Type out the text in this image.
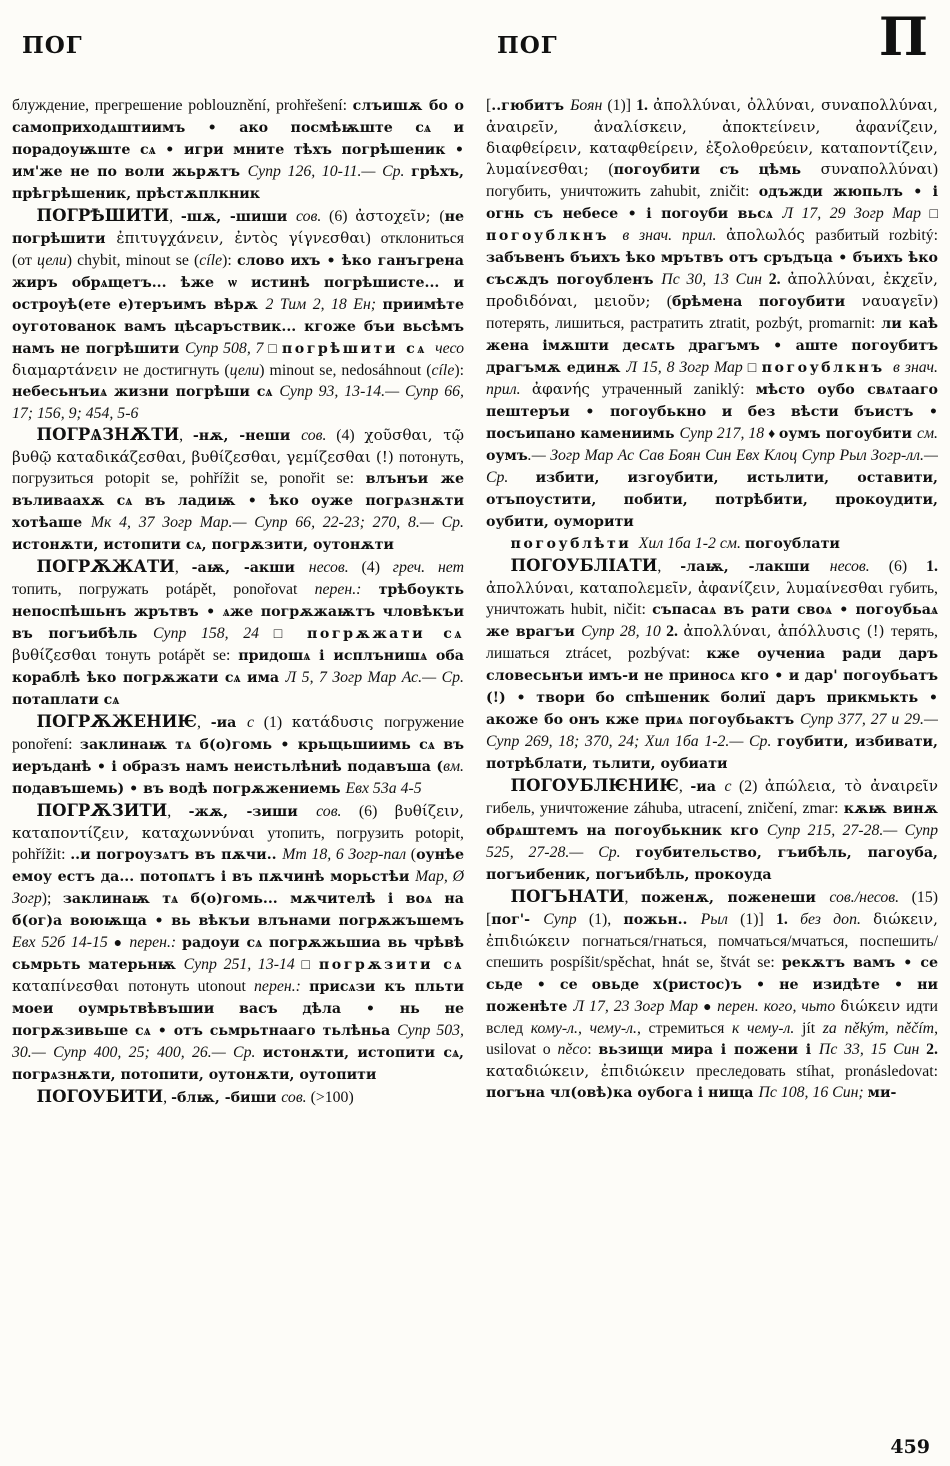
ПОГ	ПОГ	П

блуждение, прегрешение poblouznění, prohřešení: слъишѫ бо о самоприходѧштиимъ • ако посмѣѭште сѧ и порадоуѭште сѧ • игри мните тѣхъ погрѣшеник • им'же не по воли жьрѫтъ Супр 126, 10-11.— Ср. грѣхъ, прѣгрѣшеник, прѣстѫплкник

ПОГРѢШИТИ, -шѫ, -шиши сов. (6) ἀστοχεῖν; (не погрѣшити ἐπιτυγχάνειν, ἐντὸς γίγνεσθαι) отклониться (от цели) chybit, minout se (cíle): слово ихъ • ѣко ганъгрена жиръ обрѧщетъ... ѣже ѡ истинѣ погрѣшисте... и остроуѣ(ете е)теръимъ вѣрѫ 2 Тим 2, 18 Ен; приимѣте оуготованок вамъ цѣсаръствик... кгоже бъи вьсѣмъ намъ не погрѣшити Супр 508, 7 □ погрѣшити сѧ чесо διαμαρτάνειν не достигнуть (цели) minout se, nedosáhnout (cíle): небесьнъиѧ жизни погрѣши сѧ Супр 93, 13-14.— Супр 66, 17; 156, 9; 454, 5-6

ПОГРѦЗНѪТИ, -нѫ, -неши сов. (4) χοῦσθαι, τῷ βυθῷ καταδικάζεσθαι, βυθίζεσθαι, γεμίζεσθαι (!) потонуть, погрузиться potopit se, pohřížit se, ponořit se: влънъи же въливаахѫ сѧ въ ладиѭ • ѣко оуже погрѧзнѫти хотѣаше Мк 4, 37 Зогр Мар.— Супр 66, 22-23; 270, 8.— Ср. истонѫти, истопити сѧ, погрѫзити, оутонѫти

ПОГРѪЖАТИ, -аѭ, -акши несов. (4) греч. нет топить, погружать potápět, ponořovat перен.: трѣбоукть непоспѣшьнъ жрътвъ • ѧже погрѫжаѭтъ чловѣкъи въ погъибѣль Супр 158, 24 □ погрѫжати сѧ βυθίζεσθαι тонуть potápět se: придошѧ і исплънишѧ оба кораблѣ ѣко погрѫжати сѧ има Л 5, 7 Зогр Мар Ас.— Ср. потаплати сѧ

ПОГРѪЖЕНИѤ, -иа с (1) κατάδυσις погружение ponoření: заклинаѭ тѧ б(о)гомь • крьщьшиимь сѧ въ иеръданѣ • і образъ намъ неистьлѣниѣ подавъша (вм. подавъшемь) • въ водѣ погрѫжениемь Евх 53а 4-5

ПОГРѪЗИТИ, -жѫ, -зиши сов. (6) βυθίζειν, καταποντίζειν, καταχωννύναι утопить, погрузить potopit, pohřížit: ..и погроузѧтъ въ пѫчи.. Мт 18, 6 Зогр-пал (оунѣе емоу естъ да... потопѧтъ і въ пѫчинѣ морьстѣи Мар, Ø Зогр); заклинаѭ тѧ б(о)гомь... мѫчителѣ і воѧ на б(ог)а воюѭща • вь вѣкъи влънами погрѫжъшемъ Евх 52б 14-15 ● перен.: радоуи сѧ погрѫжьшиа вь чрѣвѣ сьмрьть матерьнѭ Супр 251, 13-14 □ погрѫзити сѧ καταπίνεσθαι потонуть utonout перен.: присѧзи къ пльти моеи оумрьтвѣвъшии васъ дѣла • нь не погрѫзивьше сѧ • отъ сьмрьтнааго тьлѣньа Супр 503, 30.— Супр 400, 25; 400, 26.— Ср. истонѫти, истопити сѧ, погрѧзнѫти, потопити, оутонѫти, оутопити

ПОГОУБИТИ, -блѭ, -биши сов. (>100)

[..гюбитъ Боян (1)] 1. ἀπολλύναι, ὀλλύναι, συναπολλύναι, ἀναιρεῖν, ἀναλίσκειν, ἀποκτείνειν, ἀφανίζειν, διαφθείρειν, καταφθείρειν, ἐξολοθρεύειν, καταποντίζειν, λυμαίνεσθαι; (погоубити съ цѣмь συναπολλύναι) погубить, уничтожить zahubit, zničit: одъжди жюпьлъ • і огнь съ небесе • і погоуби вьсѧ Л 17, 29 Зогр Мар □ погоублкнъ в знач. прил. ἀπολωλός разбитый rozbitý: забъвенъ бъихъ ѣко мрътвъ отъ сръдъца • бъихъ ѣко съсѫдъ погоубленъ Пс 30, 13 Син 2. ἀπολλύναι, ἐκχεῖν, προδιδόναι, μειοῦν; (брѣмена погоубити ναυαγεῖν) потерять, лишиться, растратить ztratit, pozbýt, promarnit: ли каѣ жена імѫшти десѧть драгъмъ • аште погоубитъ драгъмѫ единѫ Л 15, 8 Зогр Мар □ погоублкнъ в знач. прил. ἀφανής утраченный zaniklý: мѣсто оубо свѧтааго пештеръи • погоубькно и без вѣсти бъистъ • посъипано камениимь Супр 217, 18 ♦ оумъ погоубити см. оумъ.— Зогр Мар Ас Сав Боян Син Евх Клоц Супр Рыл Зогр-лл.— Ср. избити, изгоубити, истьлити, оставити, отъпоустити, побити, потрѣбити, прокоудити, оубити, оуморити

погоублѣти Хил 1ба 1-2 см. погоублати

ПОГОУБЛІАТИ, -лаѭ, -лакши несов. (6) 1. ἀπολλύναι, καταπολεμεῖν, ἀφανίζειν, λυμαίνεσθαι губить, уничтожать hubit, ničit: съпасаѧ въ рати своѧ • погоубьаѧ же врагъи Супр 28, 10 2. ἀπολλύναι, ἀπόλλυσις (!) терять, лишаться ztrácet, pozbývat: кже оучениа ради даръ словесьнъи имъ-и не приносѧ кго • и дар' погоубьатъ (!) • твори бо спѣшеник болиї даръ прикмькть • акоже бо онъ кже приѧ погоубьактъ Супр 377, 27 и 29.— Супр 269, 18; 370, 24; Хил 1ба 1-2.— Ср. гоубити, избивати, потрѣблати, тьлити, оубиати

ПОГОУБЛѤНИѤ, -иа с (2) ἀπώλεια, τὸ ἀναιρεῖν гибель, уничтожение záhuba, utracení, zničení, zmar: кѫѭ винѫ обрѧштемъ на погоубькник кго Супр 215, 27-28.— Супр 525, 27-28.— Ср. гоубительство, гъибѣль, пагоуба, погъибеник, погъибѣль, прокоуда

ПОГЪНАТИ, поженѫ, поженеши сов./несов. (15) [пог'- Супр (1), пожьн.. Рыл (1)] 1. без доп. διώκειν, ἐπιδιώκειν погнаться/гнаться, помчаться/мчаться, поспешить/спешить pospíšit/spěchat, hnát se, štvát se: рекѫтъ вамъ • се сьде • се овьде х(ристос)ъ • не изидѣте • ни поженѣте Л 17, 23 Зогр Мар ● перен. кого, чьто διώκειν идти вслед кому-л., чему-л., стремиться к чему-л. jít za někým, něčím, usilovat o něco: вьзищи мира і пожени і Пс 33, 15 Син 2. καταδιώκειν, ἐπιδιώκειν преследовать stíhat, pronásledovat: погъна чл(овѣ)ка оубога і нища Пс 108, 16 Син; ми-

459
